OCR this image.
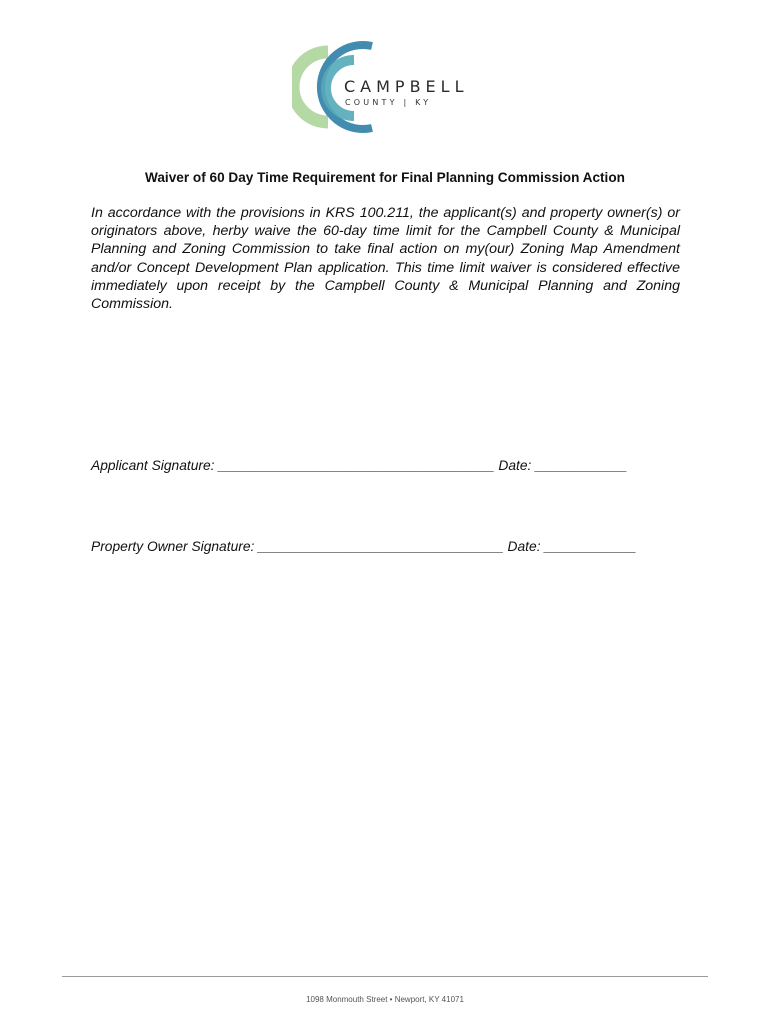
CAMPBELL
COUNTY | KY
Waiver of 60 Day Time Requirement for Final Planning Commission Action
In accordance with the provisions in KRS 100.211, the applicant(s) and property owner(s) or originators above, herby waive the 60-day time limit for the Campbell County & Municipal Planning and Zoning Commission to take final action on my(our) Zoning Map Amendment and/or Concept Development Plan application. This time limit waiver is considered effective immediately upon receipt by the Campbell County & Municipal Planning and Zoning Commission.
Applicant Signature: ____________________________________ Date: ____________
Property Owner Signature: ________________________________ Date: ____________
1098 Monmouth Street • Newport, KY 41071
